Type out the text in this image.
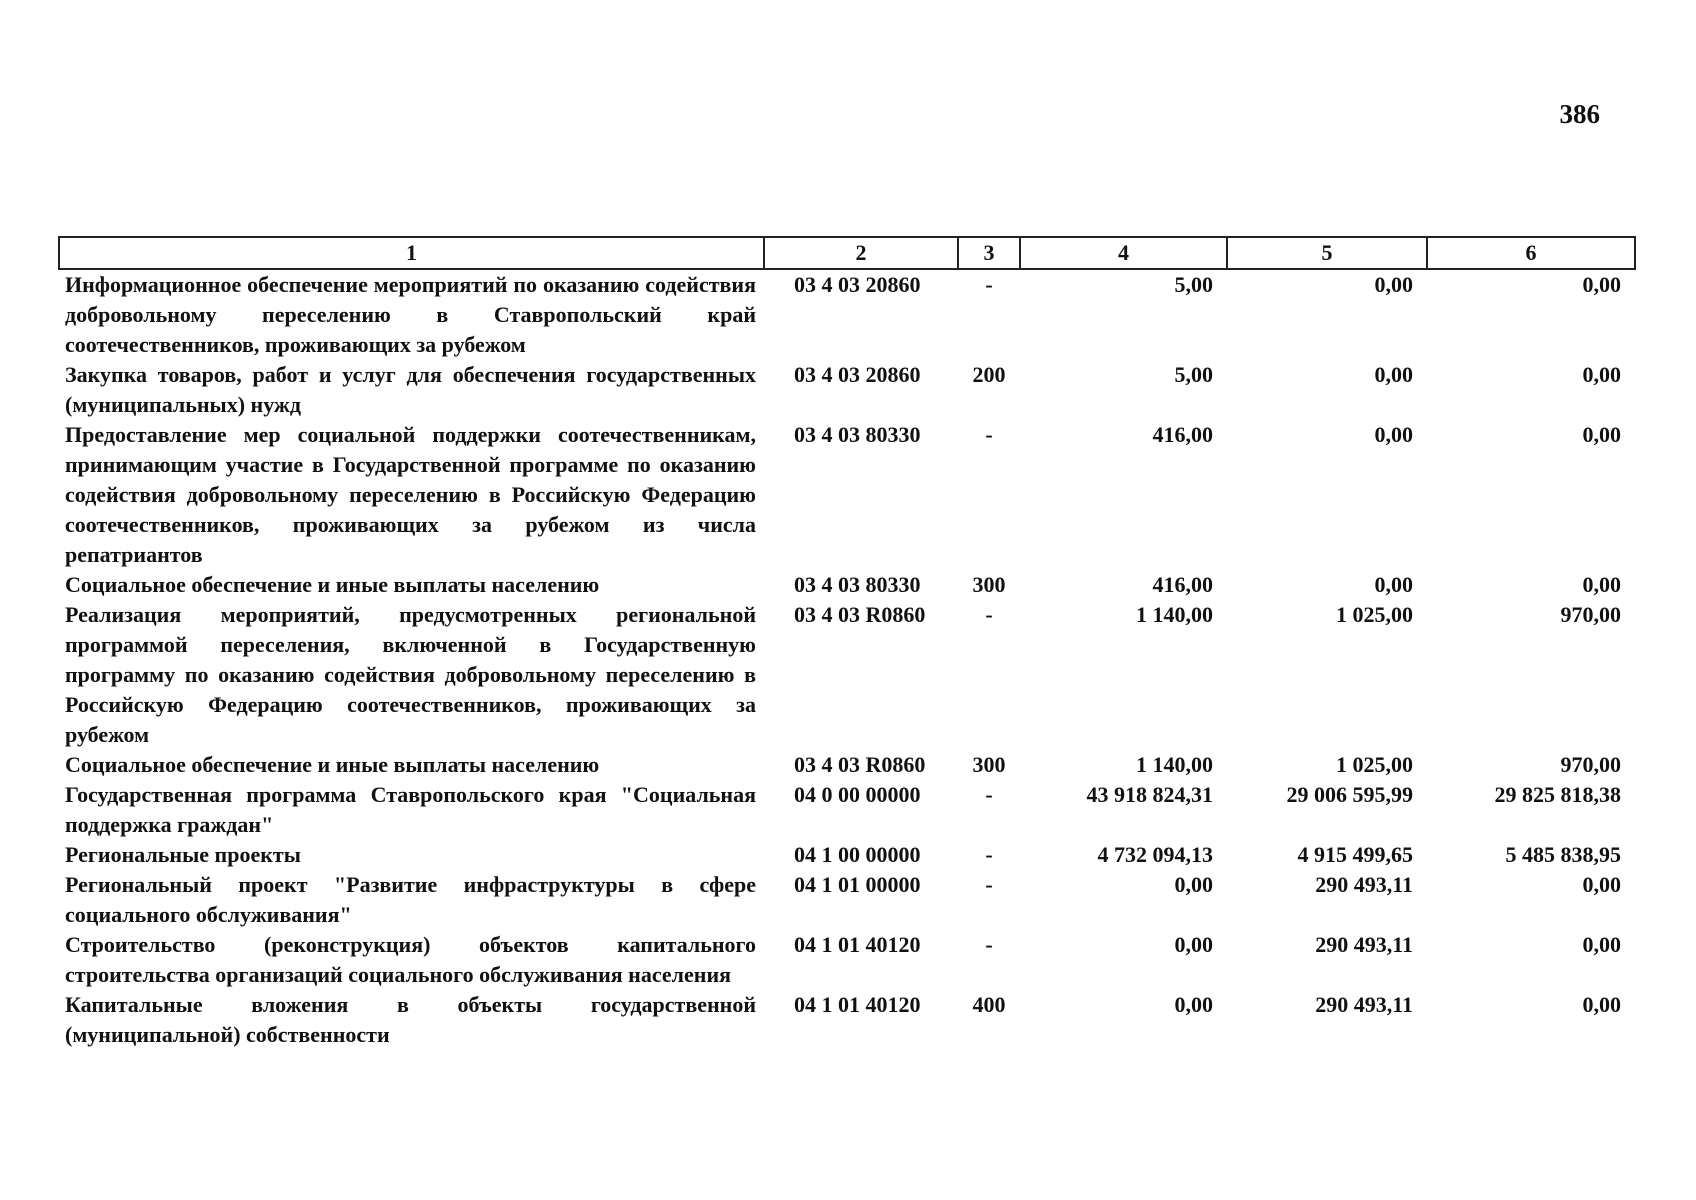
386
1	2	3	4	5	6
Информационное обеспечение мероприятий по оказанию содействия добровольному переселению в Ставропольский край соотечественников, проживающих за рубежом	03 4 03 20860	-	5,00	0,00	0,00
Закупка товаров, работ и услуг для обеспечения государственных (муниципальных) нужд	03 4 03 20860	200	5,00	0,00	0,00
Предоставление мер социальной поддержки соотечественникам, принимающим участие в Государственной программе по оказанию содействия добровольному переселению в Российскую Федерацию соотечественников, проживающих за рубежом из числа репатриантов	03 4 03 80330	-	416,00	0,00	0,00
Социальное обеспечение и иные выплаты населению	03 4 03 80330	300	416,00	0,00	0,00
Реализация мероприятий, предусмотренных региональной программой переселения, включенной в Государственную программу по оказанию содействия добровольному переселению в Российскую Федерацию соотечественников, проживающих за рубежом	03 4 03 R0860	-	1 140,00	1 025,00	970,00
Социальное обеспечение и иные выплаты населению	03 4 03 R0860	300	1 140,00	1 025,00	970,00
Государственная программа Ставропольского края "Социальная поддержка граждан"	04 0 00 00000	-	43 918 824,31	29 006 595,99	29 825 818,38
Региональные проекты	04 1 00 00000	-	4 732 094,13	4 915 499,65	5 485 838,95
Региональный проект "Развитие инфраструктуры в сфере социального обслуживания"	04 1 01 00000	-	0,00	290 493,11	0,00
Строительство (реконструкция) объектов капитального строительства организаций социального обслуживания населения	04 1 01 40120	-	0,00	290 493,11	0,00
Капитальные вложения в объекты государственной (муниципальной) собственности	04 1 01 40120	400	0,00	290 493,11	0,00
